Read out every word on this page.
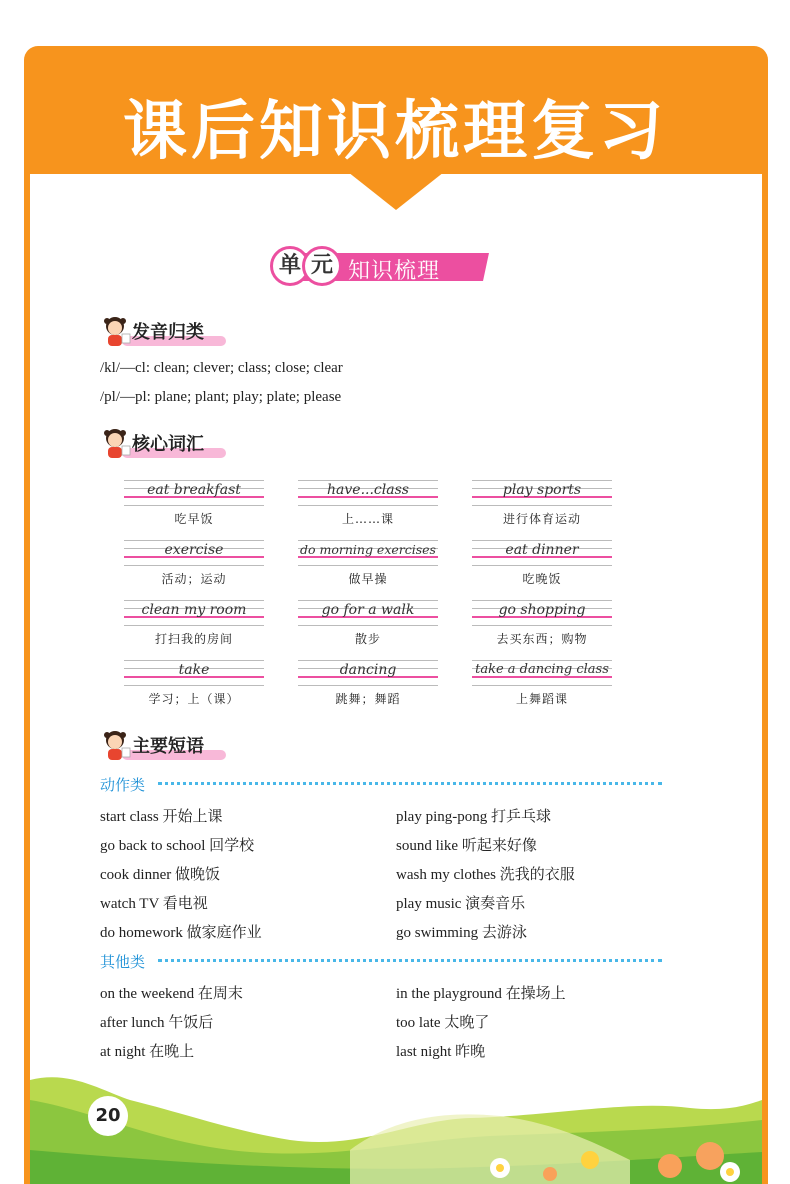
课后知识梳理复习
单 元 知识梳理
发音归类
/kl/—cl: clean; clever; class; close; clear
/pl/—pl: plane; plant; play; plate; please
核心词汇
eat breakfast
吃早饭
have...class
上……课
play sports
进行体育运动
exercise
活动；运动
do morning exercises
做早操
eat dinner
吃晚饭
clean my room
打扫我的房间
go for a walk
散步
go shopping
去买东西；购物
take
学习；上（课）
dancing
跳舞；舞蹈
take a dancing class
上舞蹈课
主要短语
动作类
start class 开始上课
go back to school 回学校
cook dinner 做晚饭
watch TV 看电视
do homework 做家庭作业
play ping-pong 打乒乓球
sound like 听起来好像
wash my clothes 洗我的衣服
play music 演奏音乐
go swimming 去游泳
其他类
on the weekend 在周末
after lunch 午饭后
at night 在晚上
in the playground 在操场上
too late 太晚了
last night 昨晚
20
